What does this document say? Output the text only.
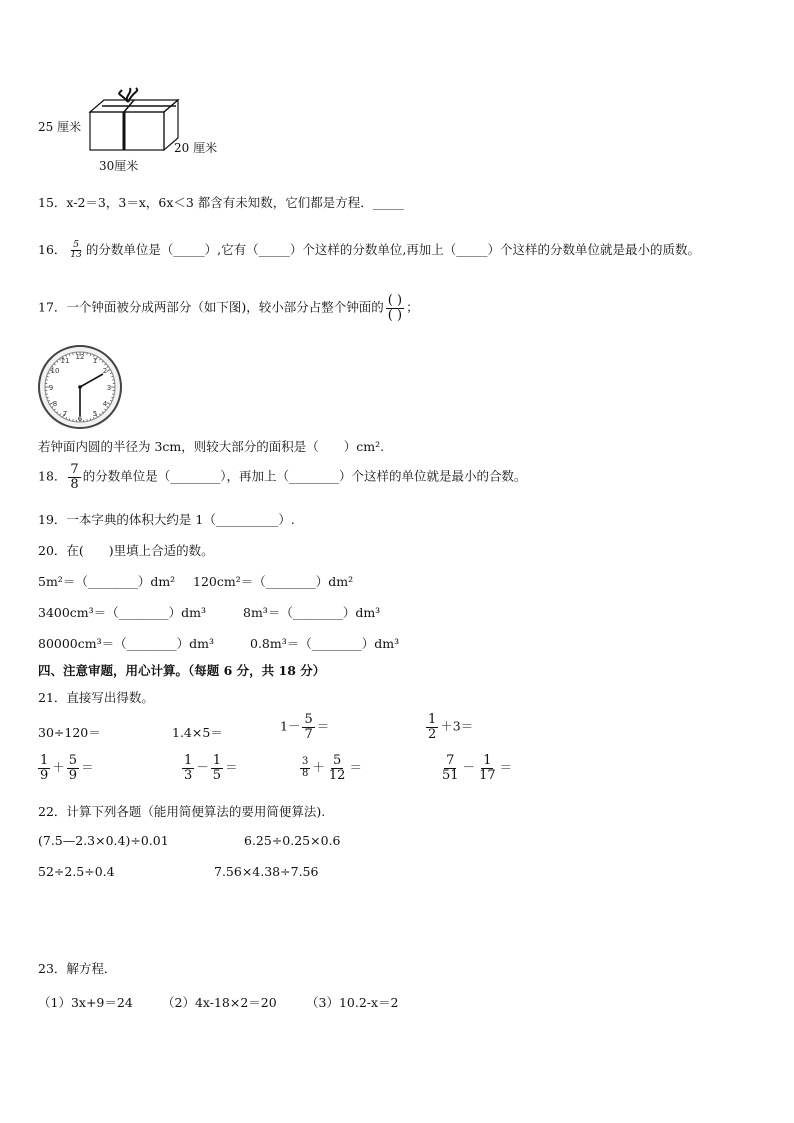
25 厘米
20 厘米
30厘米
15．x-2＝3，3＝x，6x＜3 都含有未知数，它们都是方程．_____
16． $\frac{5}{13}$ 的分数单位是（_____）,它有（_____）个这样的分数单位,再加上（_____）个这样的分数单位就是最小的质数。
17．一个钟面被分成两部分（如下图)，较小部分占整个钟面的 $\frac{( )}{( )}$ ；
12 1
2
3
4
5
6
7
8
9
10
11
若钟面内圆的半径为 3cm，则较大部分的面积是（　　）cm².
18． $\frac{7}{8}$ 的分数单位是（________），再加上（________）个这样的单位就是最小的合数。
19．一本字典的体积大约是 1（__________）.
20．在(　　)里填上合适的数。
5m²＝（________）dm² 120cm²＝（________）dm²
3400cm³＝（________）dm³	8m³＝（________）dm³
80000cm³＝（________）dm³	0.8m³＝（________）dm³
四、注意审题，用心计算。（每题 6 分，共 18 分）
21．直接写出得数。
30÷120＝	1.4×5＝	$1- \frac{5}{7}$ ＝	$\frac{1}{2} +3=$
$\frac{1}{9} + \frac{5}{9}$ ＝	$\frac{1}{3} - \frac{1}{5}$ ＝	$\frac{3}{8} + \frac{5}{12}$ ＝	$\frac{7}{51} - \frac{1}{17}$ ＝
22．计算下列各题（能用简便算法的要用简便算法).
(7.5—2.3×0.4)÷0.01	6.25÷0.25×0.6
52÷2.5÷0.4	7.56×4.38÷7.56
23．解方程．
（1）3x+9＝24 （2）4x-18×2＝20 （3）10.2-x＝2
